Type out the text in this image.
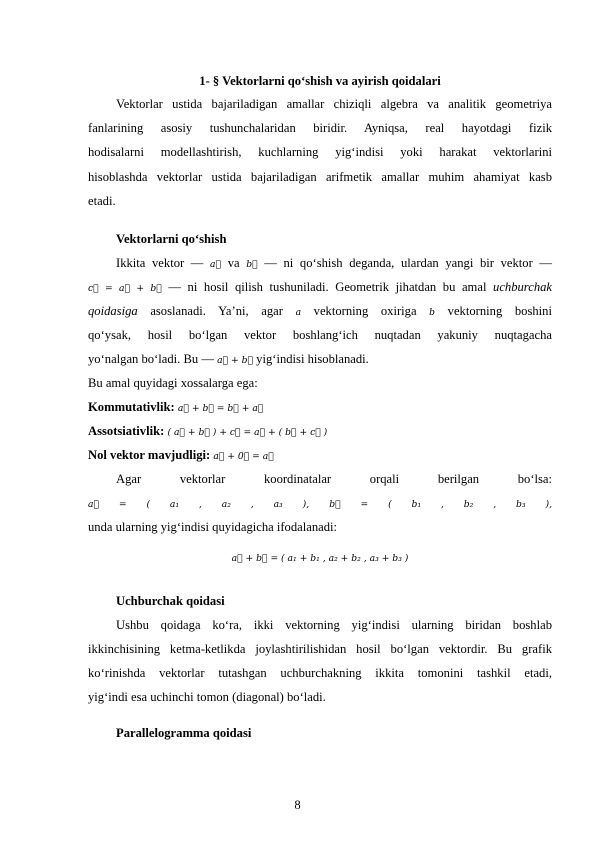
1- § Vektorlarni qo‘shish va ayirish qoidalari
Vektorlar ustida bajariladigan amallar chiziqli algebra va analitik geometriya
fanlarining asosiy tushunchalaridan biridir. Ayniqsa, real hayotdagi fizik
hodisalarni modellashtirish, kuchlarning yig‘indisi yoki harakat vektorlarini
hisoblashda vektorlar ustida bajariladigan arifmetik amallar muhim ahamiyat kasb
etadi.
Vektorlarni qo‘shish
Ikkita vektor — a⃗ va b⃗ — ni qo‘shish deganda, ulardan yangi bir vektor —
c⃗ = a⃗ + b⃗ — ni hosil qilish tushuniladi. Geometrik jihatdan bu amal uchburchak
qoidasiga asoslanadi. Ya’ni, agar a vektorning oxiriga b vektorning boshini
qo‘ysak, hosil bo‘lgan vektor boshlang‘ich nuqtadan yakuniy nuqtagacha
yo‘nalgan bo‘ladi. Bu — a⃗ + b⃗ yig‘indisi hisoblanadi.
Bu amal quyidagi xossalarga ega:
Kommutativlik: a⃗ + b⃗ = b⃗ + a⃗
Assotsiativlik: ( a⃗ + b⃗ ) + c⃗ = a⃗ + ( b⃗ + c⃗ )
Nol vektor mavjudligi: a⃗ + 0⃗ = a⃗
Agar	vektorlar	koordinatalar	orqali	berilgan	bo‘lsa:
a⃗ = ( a₁ , a₂ , a₃ ), b⃗ = ( b₁ , b₂ , b₃ ),
unda ularning yig‘indisi quyidagicha ifodalanadi:
a⃗ + b⃗ = ( a₁ + b₁ , a₂ + b₂ , a₃ + b₃ )
Uchburchak qoidasi
Ushbu qoidaga ko‘ra, ikki vektorning yig‘indisi ularning biridan boshlab
ikkinchisining ketma-ketlikda joylashtirilishidan hosil bo‘lgan vektordir. Bu grafik
ko‘rinishda vektorlar tutashgan uchburchakning ikkita tomonini tashkil etadi,
yig‘indi esa uchinchi tomon (diagonal) bo‘ladi.
Parallelogramma qoidasi
8
